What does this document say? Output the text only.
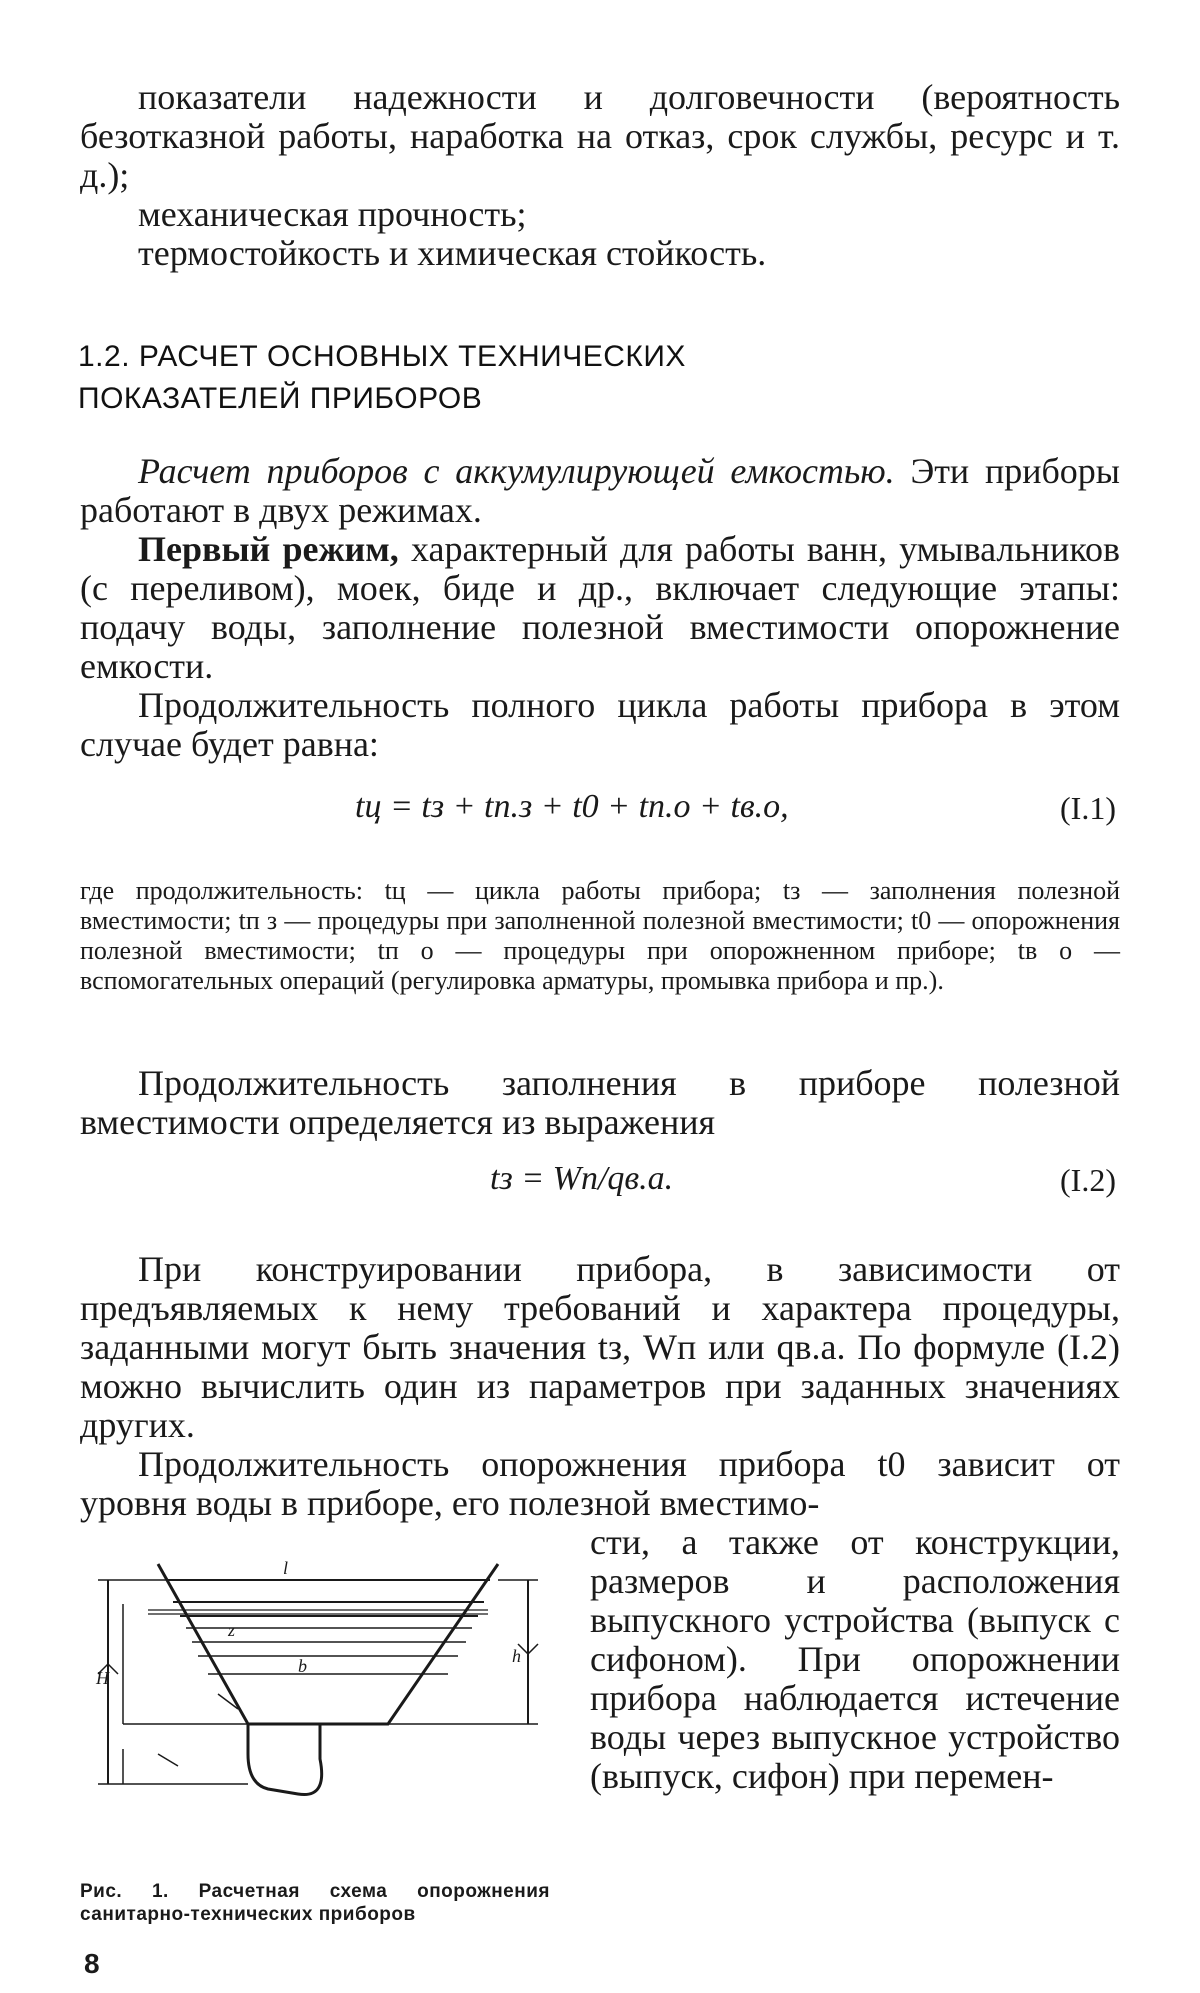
показатели надежности и долговечности (вероятность безотказной работы, наработка на отказ, срок службы, ресурс и т. д.);
механическая прочность;
термостойкость и химическая стойкость.
1.2. РАСЧЕТ ОСНОВНЫХ ТЕХНИЧЕСКИХ
ПОКАЗАТЕЛЕЙ ПРИБОРОВ
Расчет приборов с аккумулирующей емкостью. Эти приборы работают в двух режимах.
Первый режим, характерный для работы ванн, умывальников (с переливом), моек, биде и др., включает следующие этапы: подачу воды, заполнение полезной вместимости опорожнение емкости.
Продолжительность полного цикла работы прибора в этом случае будет равна:
tц = tз + tп.з + t0 + tп.о + tв.о,	(I.1)
где продолжительность: tц — цикла работы прибора; tз — заполнения полезной вместимости; tп з — процедуры при заполненной полезной вместимости; t0 — опорожнения полезной вместимости; tп о — процедуры при опорожненном приборе; tв о — вспомогательных операций (регулировка арматуры, промывка прибора и пр.).
Продолжительность заполнения в приборе полезной вместимости определяется из выражения
tз = Wп/qв.а.	(I.2)
При конструировании прибора, в зависимости от предъявляемых к нему требований и характера процедуры, заданными могут быть значения tз, Wп или qв.а. По формуле (I.2) можно вычислить один из параметров при заданных значениях других.
Продолжительность опорожнения прибора t0 зависит от уровня воды в приборе, его полезной вместимо-
сти, а также от конструкции, размеров и расположения выпускного устройства (выпуск с сифоном). При опорожнении прибора наблюдается истечение воды через выпускное устройство (выпуск, сифон) при перемен-
l
H
h
b
z
Рис. 1. Расчетная схема опорожнения санитарно-технических приборов
8
